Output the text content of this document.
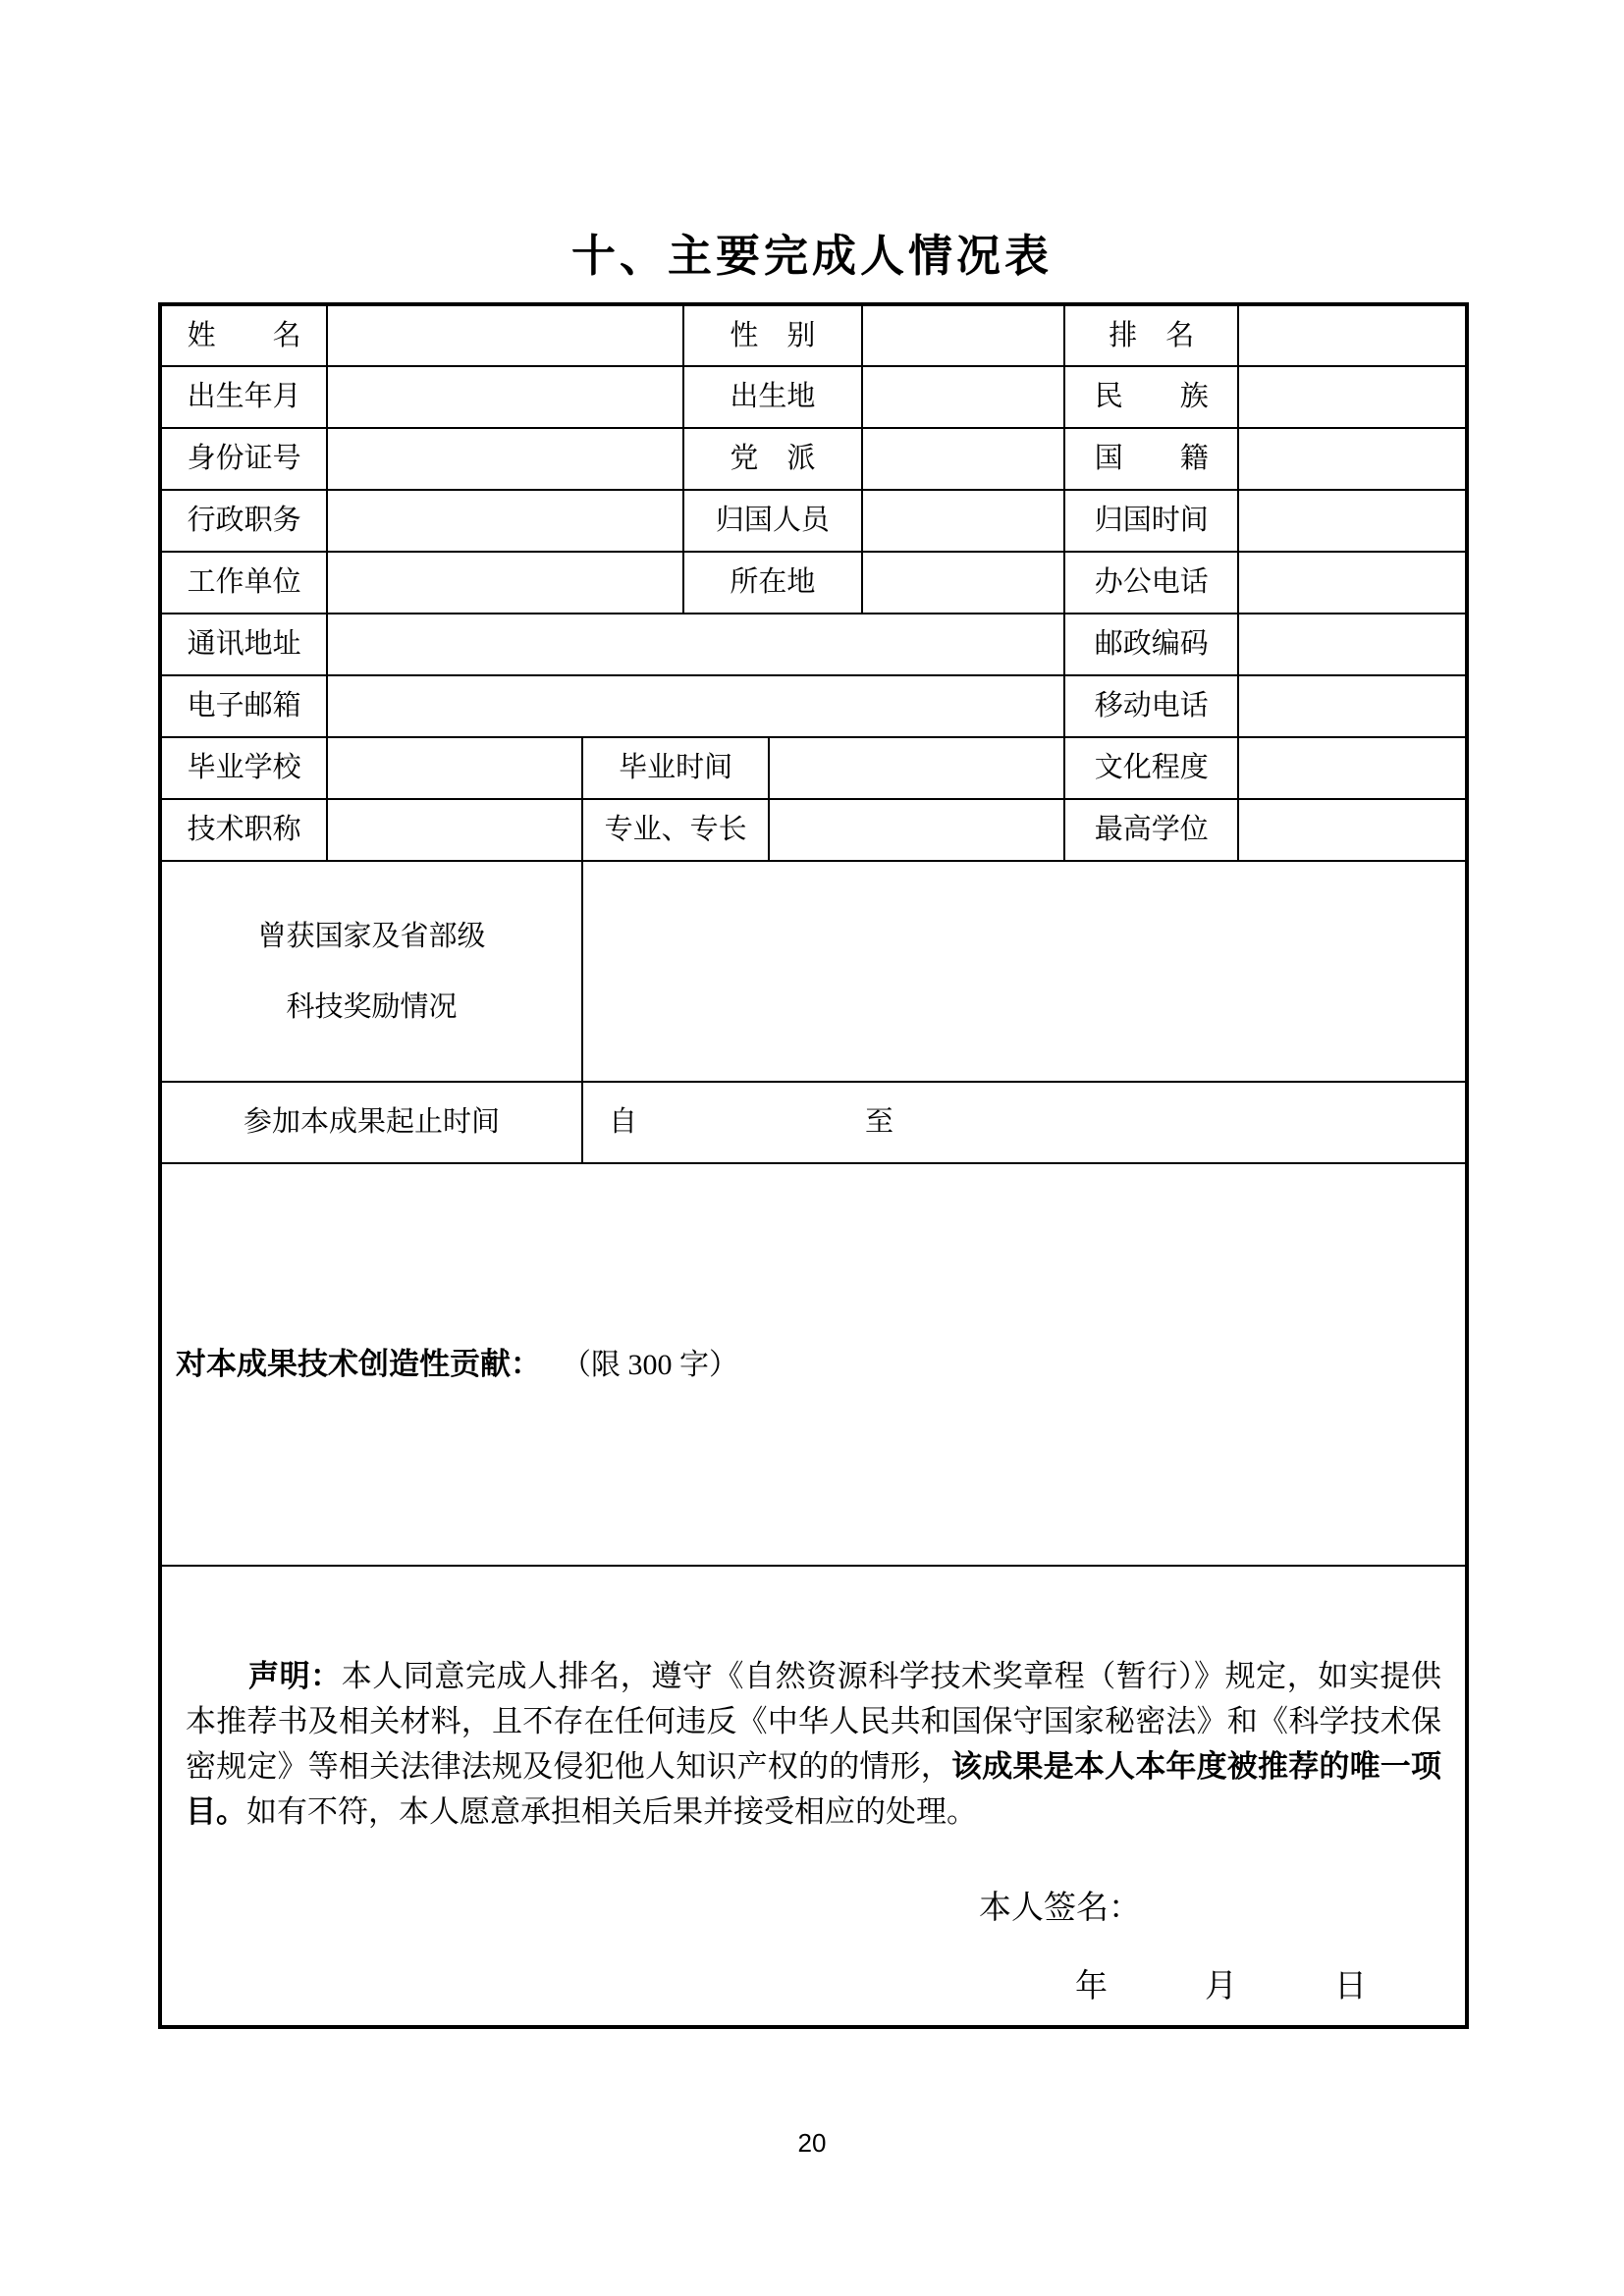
十、主要完成人情况表
姓　　名			性　别			排　名	
出生年月			出生地			民　　族	
身份证号			党　派			国　　籍	
行政职务			归国人员			归国时间	
工作单位			所在地			办公电话	
通讯地址						邮政编码	
电子邮箱						移动电话	
毕业学校		毕业时间				文化程度	
技术职称		专业、专长				最高学位	

曾获国家及省部级
科技奖励情况							

参加本成果起止时间		自　　　　　　　　至					
对本成果技术创造性贡献： （限 300 字）							

声明：本人同意完成人排名，遵守《自然资源科学技术奖章程（暂行）》规定，如实提供本推荐书及相关材料，且不存在任何违反《中华人民共和国保守国家秘密法》和《科学技术保密规定》等相关法律法规及侵犯他人知识产权的的情形，该成果是本人本年度被推荐的唯一项目。如有不符，本人愿意承担相关后果并接受相应的处理。
本人签名：
年　　　月　　　日							
20
